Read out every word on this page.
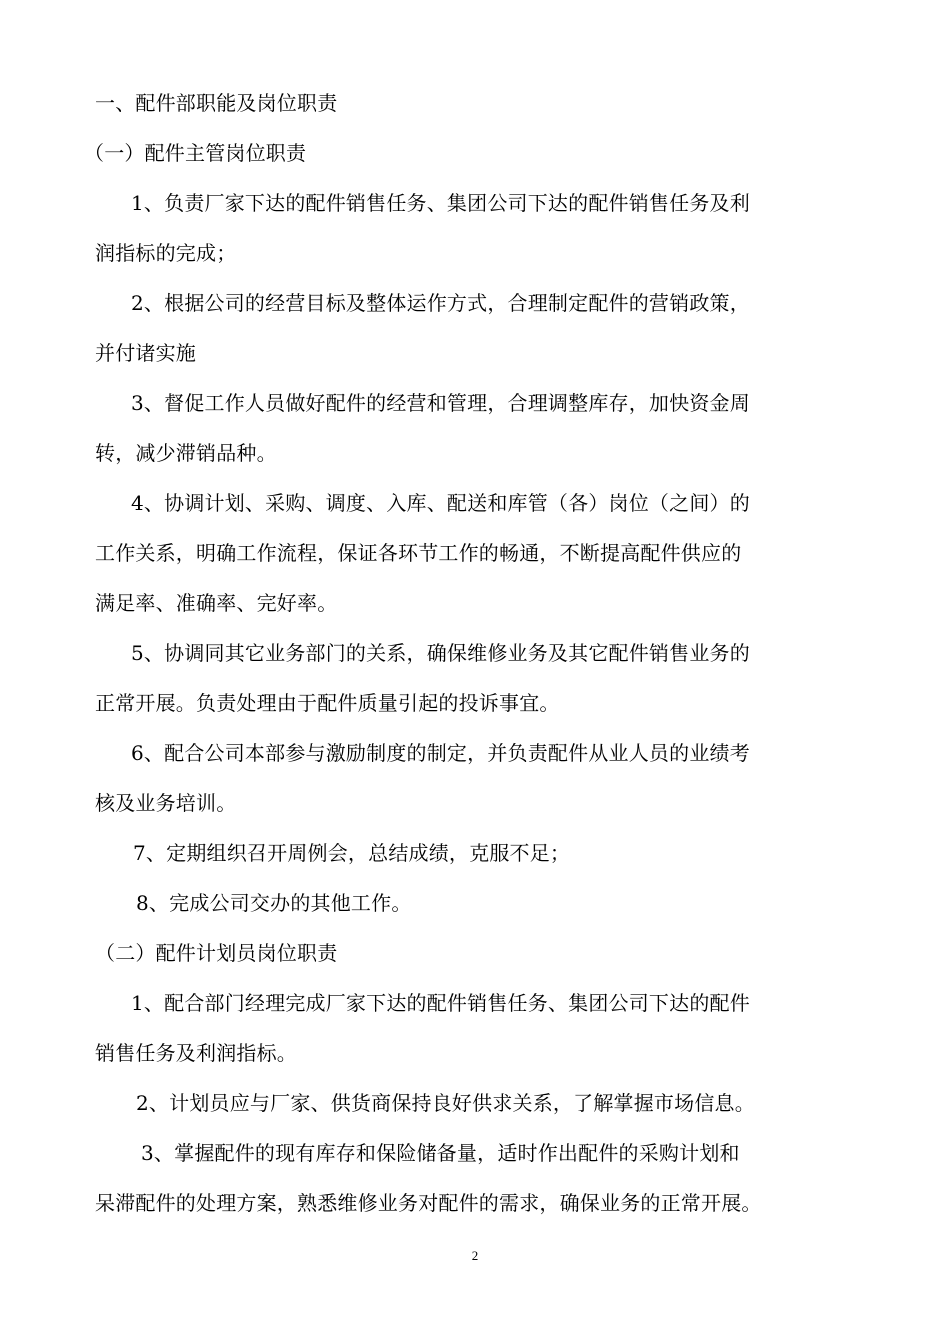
一、配件部职能及岗位职责
（一）配件主管岗位职责
1、负责厂家下达的配件销售任务、集团公司下达的配件销售任务及利
润指标的完成；
2、根据公司的经营目标及整体运作方式，合理制定配件的营销政策，
并付诸实施
3、督促工作人员做好配件的经营和管理，合理调整库存，加快资金周
转，减少滞销品种。
4、协调计划、采购、调度、入库、配送和库管（各）岗位（之间）的
工作关系，明确工作流程，保证各环节工作的畅通，不断提高配件供应的
满足率、准确率、完好率。
5、协调同其它业务部门的关系，确保维修业务及其它配件销售业务的
正常开展。负责处理由于配件质量引起的投诉事宜。
6、配合公司本部参与激励制度的制定，并负责配件从业人员的业绩考
核及业务培训。
7、定期组织召开周例会，总结成绩，克服不足；
8、完成公司交办的其他工作。
（二）配件计划员岗位职责
1、配合部门经理完成厂家下达的配件销售任务、集团公司下达的配件
销售任务及利润指标。
2、计划员应与厂家、供货商保持良好供求关系，了解掌握市场信息。
3、掌握配件的现有库存和保险储备量，适时作出配件的采购计划和
呆滞配件的处理方案，熟悉维修业务对配件的需求，确保业务的正常开展。
2
